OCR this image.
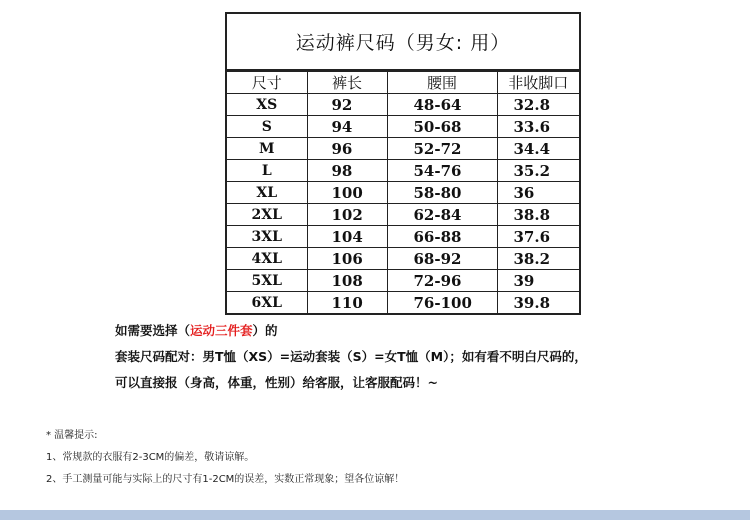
运动裤尺码（男女: 用）
尺寸	裤长	腰围	非收脚口
XS	92	48-64	32.8
S	94	50-68	33.6
M	96	52-72	34.4
L	98	54-76	35.2
XL	100	58-80	36
2XL	102	62-84	38.8
3XL	104	66-88	37.6
4XL	106	68-92	38.2
5XL	108	72-96	39
6XL	110	76-100	39.8
如需要选择（运动三件套）的
套装尺码配对：男T恤（XS）=运动套装（S）=女T恤（M）；如有看不明白尺码的，
可以直接报（身高，体重，性别）给客服，让客服配码！~
* 温馨提示:
1、常规款的衣服有2-3CM的偏差，敬请谅解。
2、手工测量可能与实际上的尺寸有1-2CM的误差，实数正常现象；望各位谅解！
